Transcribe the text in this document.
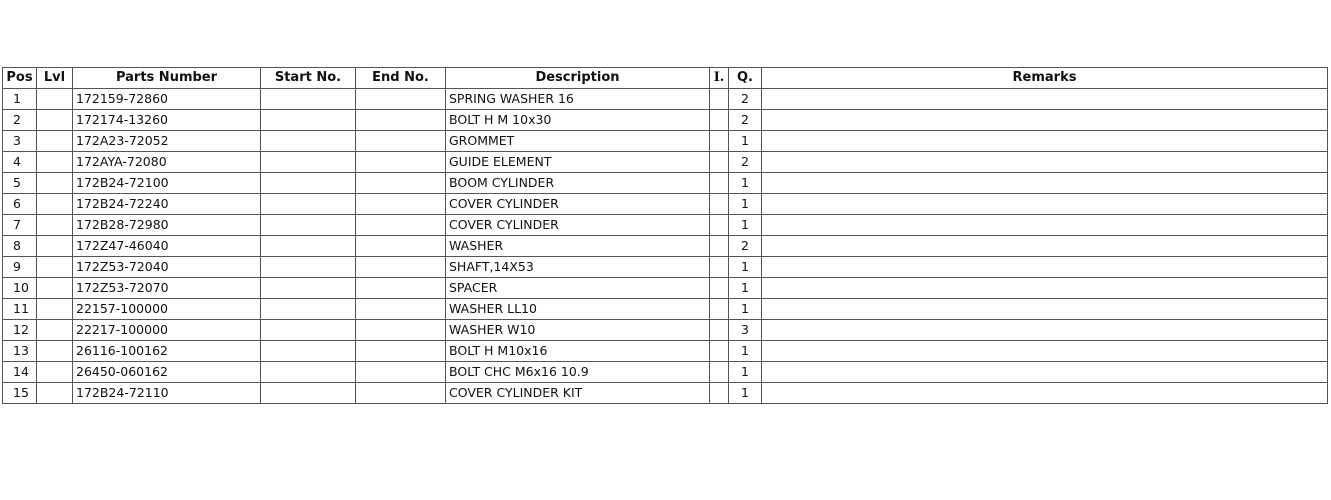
Pos	Lvl	Parts Number	Start No.	End No.	Description	I.	Q.	Remarks
1		172159-72860			SPRING WASHER 16		2	
2		172174-13260			BOLT H M 10x30		2	
3		172A23-72052			GROMMET		1	
4		172AYA-72080			GUIDE ELEMENT		2	
5		172B24-72100			BOOM CYLINDER		1	
6		172B24-72240			COVER CYLINDER		1	
7		172B28-72980			COVER CYLINDER		1	
8		172Z47-46040			WASHER		2	
9		172Z53-72040			SHAFT,14X53		1	
10		172Z53-72070			SPACER		1	
11		22157-100000			WASHER LL10		1	
12		22217-100000			WASHER W10		3	
13		26116-100162			BOLT H M10x16		1	
14		26450-060162			BOLT CHC M6x16 10.9		1	
15		172B24-72110			COVER CYLINDER KIT		1	
